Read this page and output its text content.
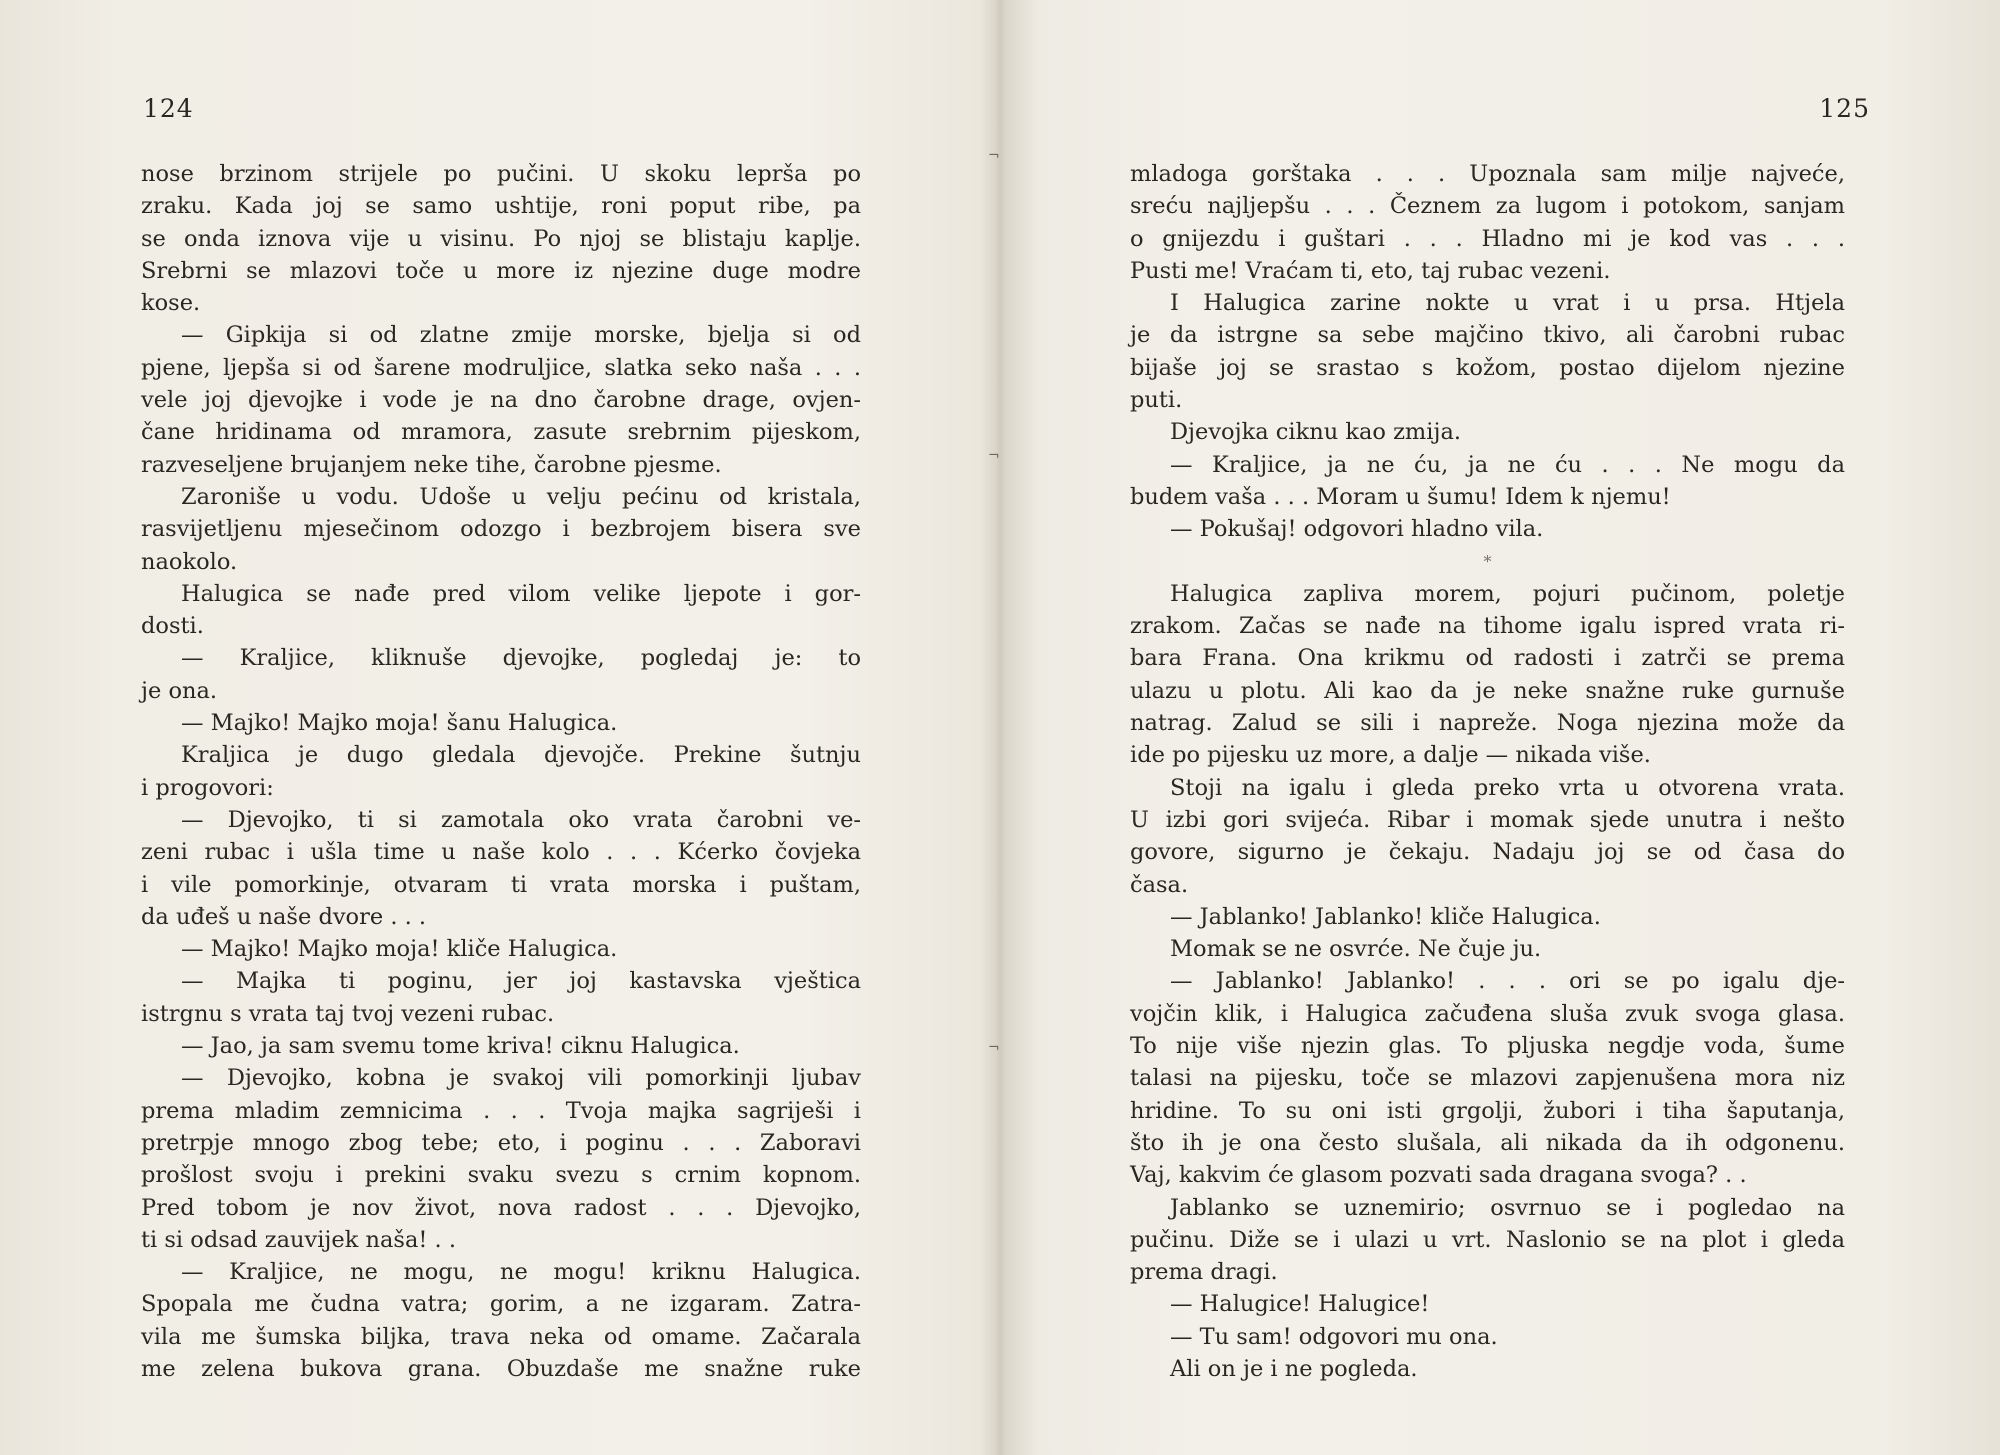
124
nose brzinom strijele po pučini. U skoku lepršа po
zraku. Kada joj se samo ushtije, roni poput ribe, pa
se onda iznova vije u visinu. Po njoj se blistaju kaplje.
Srebrni se mlazovi toče u more iz njezine duge modre
kose.
— Gipkija si od zlatne zmije morske, bjelja si od
pjene, ljepša si od šarene modruljice, slatka seko naša . . .
vele joj djevojke i vode je na dno čarobne drage, ovjen-
čane hridinama od mramora, zasute srebrnim pijeskom,
razveseljene brujanjem neke tihe, čarobne pjesme.
Zaroniše u vodu. Udoše u velju pećinu od kristala,
rasvijetljenu mjesečinom odozgo i bezbrojem bisera sve
naokolo.
Halugica se nađe pred vilom velike ljepote i gor-
dosti.
— Kraljice, kliknuše djevojke, pogledaj je: to
je ona.
— Majko! Majko moja! šanu Halugica.
Kraljica je dugo gledala djevojče. Prekine šutnju
i progovori:
— Djevojko, ti si zamotala oko vrata čarobni ve-
zeni rubac i ušla time u naše kolo . . . Kćerko čovjeka
i vile pomorkinje, otvaram ti vrata morska i puštam,
da uđeš u naše dvore . . .
— Majko! Majko moja! kliče Halugica.
— Majka ti poginu, jer joj kastavska vještica
istrgnu s vrata taj tvoj vezeni rubac.
— Jao, ja sam svemu tome kriva! ciknu Halugica.
— Djevojko, kobna je svakoj vili pomorkinji ljubav
prema mladim zemnicima . . . Tvoja majka sagriješi i
pretrpje mnogo zbog tebe; eto, i poginu . . . Zaboravi
prošlost svoju i prekini svaku svezu s crnim kopnom.
Pred tobom je nov život, nova radost . . . Djevojko,
ti si odsad zauvijek naša! . .
— Kraljice, ne mogu, ne mogu! kriknu Halugica.
Spopala me čudna vatra; gorim, a ne izgaram. Zatra-
vila me šumska biljka, trava neka od omame. Začarala
me zelena bukova grana. Obuzdaše me snažne ruke
¬
¬
¬
125
mladoga gorštaka . . . Upoznala sam milje najveće,
sreću najljepšu . . . Čeznem za lugom i potokom, sanjam
o gnijezdu i guštari . . . Hladno mi je kod vas . . .
Pusti me! Vraćam ti, eto, taj rubac vezeni.
I Halugica zarine nokte u vrat i u prsa. Htjela
je da istrgne sa sebe majčino tkivo, ali čarobni rubac
bijaše joj se srastao s kožom, postao dijelom njezine
puti.
Djevojka ciknu kao zmija.
— Kraljice, ja ne ću, ja ne ću . . . Ne mogu da
budem vaša . . . Moram u šumu! Idem k njemu!
— Pokušaj! odgovori hladno vila.
*
Halugica zapliva morem, pojuri pučinom, poletje
zrakom. Začas se nađe na tihome igalu ispred vrata ri-
bara Frana. Ona krikmu od radosti i zatrči se prema
ulazu u plotu. Ali kao da je neke snažne ruke gurnuše
natrag. Zalud se sili i napreže. Noga njezina može da
ide po pijesku uz more, a dalje — nikada više.
Stoji na igalu i gleda preko vrta u otvorena vrata.
U izbi gori svijeća. Ribar i momak sjede unutra i nešto
govore, sigurno je čekaju. Nadaju joj se od časa do
časa.
— Jablanko! Jablanko! kliče Halugica.
Momak se ne osvrće. Ne čuje ju.
— Jablanko! Jablanko! . . . ori se po igalu dje-
vojčin klik, i Halugica začuđena sluša zvuk svoga glasa.
To nije više njezin glas. To pljuska negdje voda, šume
talasi na pijesku, toče se mlazovi zapjenušena mora niz
hridine. To su oni isti grgolji, žubori i tiha šaputanja,
što ih je ona često slušala, ali nikada da ih odgonenu.
Vaj, kakvim će glasom pozvati sada dragana svoga? . .
Jablanko se uznemirio; osvrnuo se i pogledao na
pučinu. Diže se i ulazi u vrt. Naslonio se na plot i gleda
prema dragi.
— Halugice! Halugice!
— Tu sam! odgovori mu ona.
Ali on je i ne pogleda.
